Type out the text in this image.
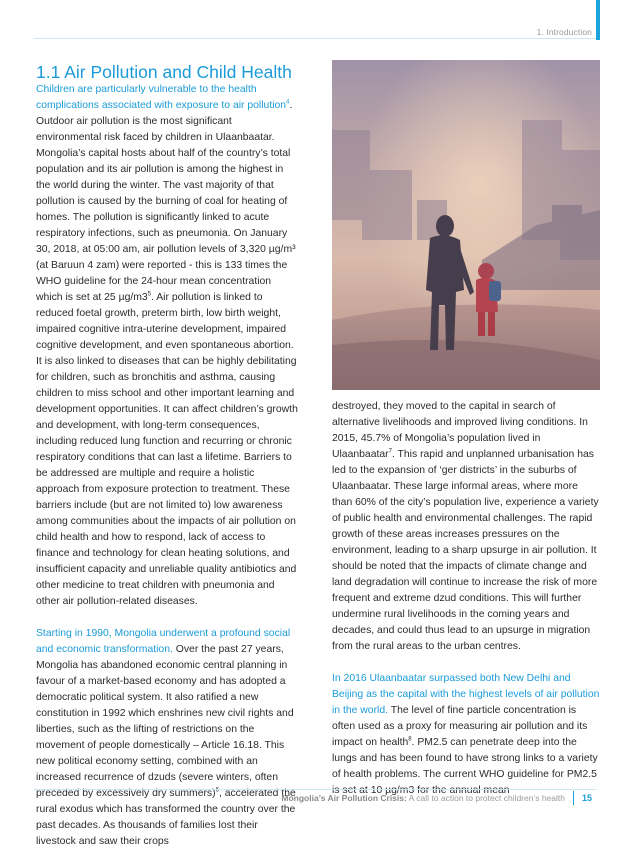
1. Introduction
1.1 Air Pollution and Child Health

Children are particularly vulnerable to the health complications associated with exposure to air pollution$^4$. Outdoor air pollution is the most significant environmental risk faced by children in Ulaanbaatar. Mongolia’s capital hosts about half of the country’s total population and its air pollution is among the highest in the world during the winter. The vast majority of that pollution is caused by the burning of coal for heating of homes. The pollution is significantly linked to acute respiratory infections, such as pneumonia. On January 30, 2018, at 05:00 am, air pollution levels of 3,320 µg/m³ (at Baruun 4 zam) were reported - this is 133 times the WHO guideline for the 24-hour mean concentration which is set at 25 $\mu g/m3^5$. Air pollution is linked to reduced foetal growth, preterm birth, low birth weight, impaired cognitive intra-uterine development, impaired cognitive development, and even spontaneous abortion. It is also linked to diseases that can be highly debilitating for children, such as bronchitis and asthma, causing children to miss school and other important learning and development opportunities. It can affect children’s growth and development, with long-term consequences, including reduced lung function and recurring or chronic respiratory conditions that can last a lifetime. Barriers to be addressed are multiple and require a holistic approach from exposure protection to treatment. These barriers include (but are not limited to) low awareness among communities about the impacts of air pollution on child health and how to respond, lack of access to finance and technology for clean heating solutions, and insufficient capacity and unreliable quality antibiotics and other medicine to treat children with pneumonia and other air pollution-related diseases.

Starting in 1990, Mongolia underwent a profound social and economic transformation. Over the past 27 years, Mongolia has abandoned economic central planning in favour of a market-based economy and has adopted a democratic political system. It also ratified a new constitution in 1992 which enshrines new civil rights and liberties, such as the lifting of restrictions on the movement of people domestically – Article 16.18. This new political economy setting, combined with an increased recurrence of dzuds (severe winters, often preceded by excessively dry summers)$^6$, accelerated the rural exodus which has transformed the country over the past decades. As thousands of families lost their livestock and saw their crops

destroyed, they moved to the capital in search of alternative livelihoods and improved living conditions. In 2015, 45.7% of Mongolia’s population lived in Ulaanbaatar$^7$. This rapid and unplanned urbanisation has led to the expansion of ‘ger districts’ in the suburbs of Ulaanbaatar. These large informal areas, where more than 60% of the city’s population live, experience a variety of public health and environmental challenges. The rapid growth of these areas increases pressures on the environment, leading to a sharp upsurge in air pollution. It should be noted that the impacts of climate change and land degradation will continue to increase the risk of more frequent and extreme dzud conditions. This will further undermine rural livelihoods in the coming years and decades, and could thus lead to an upsurge in migration from the rural areas to the urban centres.

In 2016 Ulaanbaatar surpassed both New Delhi and Beijing as the capital with the highest levels of air pollution in the world. The level of fine particle concentration is often used as a proxy for measuring air pollution and its impact on health$^8$. PM2.5 can penetrate deep into the lungs and has been found to have strong links to a variety of health problems. The current WHO guideline for PM2.5 is set at 10 µg/m3 for the annual mean

Mongolia’s Air Pollution Crisis: A call to action to protect children’s health 15
